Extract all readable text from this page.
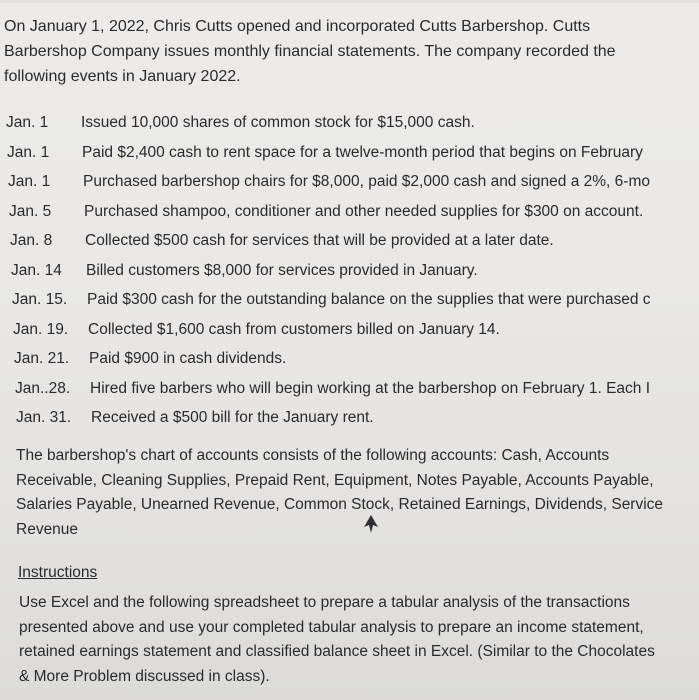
On January 1, 2022, Chris Cutts opened and incorporated Cutts Barbershop. Cutts

Barbershop Company issues monthly financial statements. The company recorded the

following events in January 2022.

Jan. 1 Issued 10,000 shares of common stock for $15,000 cash.
Jan. 1 Paid $2,400 cash to rent space for a twelve-month period that begins on February
Jan. 1 Purchased barbershop chairs for $8,000, paid $2,000 cash and signed a 2%, 6-mo
Jan. 5 Purchased shampoo, conditioner and other needed supplies for $300 on account.
Jan. 8 Collected $500 cash for services that will be provided at a later date.
Jan. 14 Billed customers $8,000 for services provided in January.
Jan. 15. Paid $300 cash for the outstanding balance on the supplies that were purchased c
Jan. 19. Collected $1,600 cash from customers billed on January 14.
Jan. 21. Paid $900 in cash dividends.
Jan..28. Hired five barbers who will begin working at the barbershop on February 1. Each I
Jan. 31. Received a $500 bill for the January rent.

The barbershop's chart of accounts consists of the following accounts: Cash, Accounts

Receivable, Cleaning Supplies, Prepaid Rent, Equipment, Notes Payable, Accounts Payable,

Salaries Payable, Unearned Revenue, Common Stock, Retained Earnings, Dividends, Service

Revenue

Instructions

Use Excel and the following spreadsheet to prepare a tabular analysis of the transactions

presented above and use your completed tabular analysis to prepare an income statement,

retained earnings statement and classified balance sheet in Excel. (Similar to the Chocolates

& More Problem discussed in class).
